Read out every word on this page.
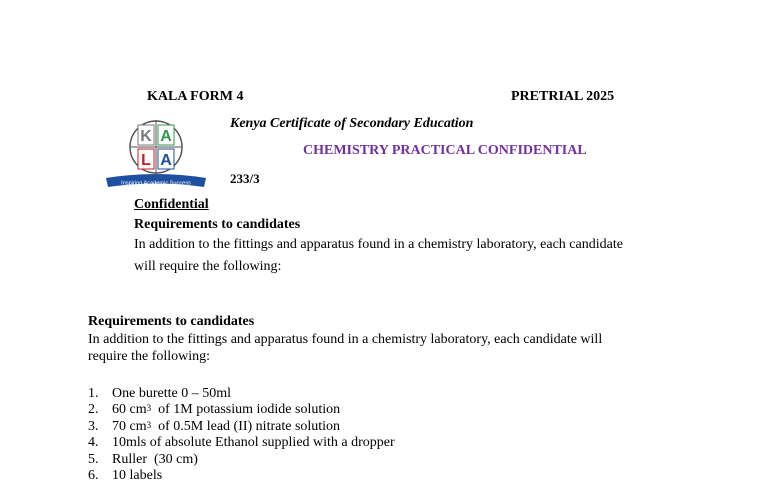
KALA FORM 4	PRETRIAL 2025
K A
L A
Inspiring Academic Success
Kenya Certificate of Secondary Education
CHEMISTRY PRACTICAL CONFIDENTIAL
233/3
Confidential
Requirements to candidates
In addition to the fittings and apparatus found in a chemistry laboratory, each candidate
will require the following:
Requirements to candidates
In addition to the fittings and apparatus found in a chemistry laboratory, each candidate will
require the following:
1. One burette 0 – 50ml
2. 60 $cm^3$  of 1M potassium iodide solution
3. 70 $cm^3$  of 0.5M lead (II) nitrate solution
4. 10mls of absolute Ethanol supplied with a dropper
5. Ruller  (30 cm)
6. 10 labels
